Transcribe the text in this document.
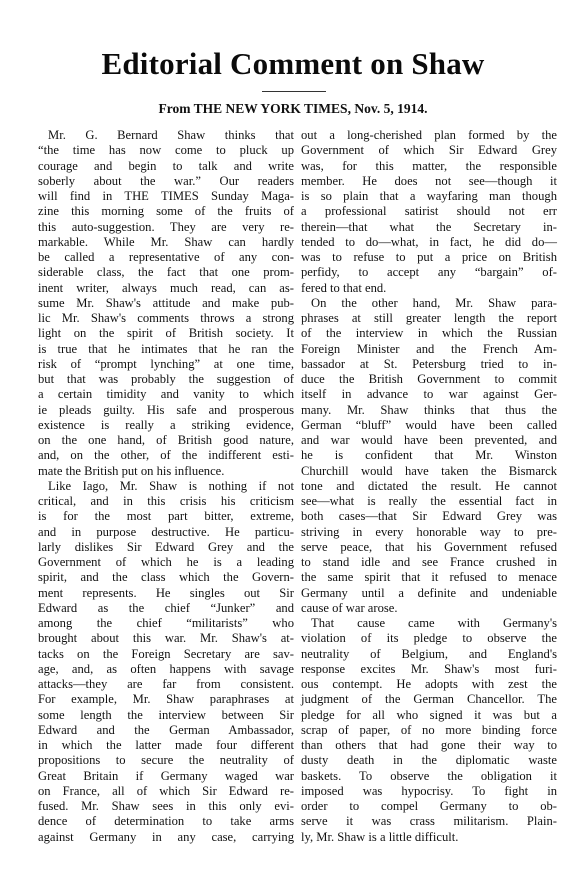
Editorial Comment on Shaw
From THE NEW YORK TIMES, Nov. 5, 1914.
Mr. G. Bernard Shaw thinks that
“the time has now come to pluck up
courage and begin to talk and write
soberly about the war.” Our readers
will find in THE TIMES Sunday Maga-
zine this morning some of the fruits of
this auto-suggestion. They are very re-
markable. While Mr. Shaw can hardly
be called a representative of any con-
siderable class, the fact that one prom-
inent writer, always much read, can as-
sume Mr. Shaw's attitude and make pub-
lic Mr. Shaw's comments throws a strong
light on the spirit of British society. It
is true that he intimates that he ran the
risk of “prompt lynching” at one time,
but that was probably the suggestion of
a certain timidity and vanity to which
ie pleads guilty. His safe and prosperous
existence is really a striking evidence,
on the one hand, of British good nature,
and, on the other, of the indifferent esti-
mate the British put on his influence.
Like Iago, Mr. Shaw is nothing if not
critical, and in this crisis his criticism
is for the most part bitter, extreme,
and in purpose destructive. He particu-
larly dislikes Sir Edward Grey and the
Government of which he is a leading
spirit, and the class which the Govern-
ment represents. He singles out Sir
Edward as the chief “Junker” and
among the chief “militarists” who
brought about this war. Mr. Shaw's at-
tacks on the Foreign Secretary are sav-
age, and, as often happens with savage
attacks—they are far from consistent.
For example, Mr. Shaw paraphrases at
some length the interview between Sir
Edward and the German Ambassador,
in which the latter made four different
propositions to secure the neutrality of
Great Britain if Germany waged war
on France, all of which Sir Edward re-
fused. Mr. Shaw sees in this only evi-
dence of determination to take arms
against Germany in any case, carrying
out a long-cherished plan formed by the
Government of which Sir Edward Grey
was, for this matter, the responsible
member. He does not see—though it
is so plain that a wayfaring man though
a professional satirist should not err
therein—that what the Secretary in-
tended to do—what, in fact, he did do—
was to refuse to put a price on British
perfidy, to accept any “bargain” of-
fered to that end.
On the other hand, Mr. Shaw para-
phrases at still greater length the report
of the interview in which the Russian
Foreign Minister and the French Am-
bassador at St. Petersburg tried to in-
duce the British Government to commit
itself in advance to war against Ger-
many. Mr. Shaw thinks that thus the
German “bluff” would have been called
and war would have been prevented, and
he is confident that Mr. Winston
Churchill would have taken the Bismarck
tone and dictated the result. He cannot
see—what is really the essential fact in
both cases—that Sir Edward Grey was
striving in every honorable way to pre-
serve peace, that his Government refused
to stand idle and see France crushed in
the same spirit that it refused to menace
Germany until a definite and undeniable
cause of war arose.
That cause came with Germany's
violation of its pledge to observe the
neutrality of Belgium, and England's
response excites Mr. Shaw's most furi-
ous contempt. He adopts with zest the
judgment of the German Chancellor. The
pledge for all who signed it was but a
scrap of paper, of no more binding force
than others that had gone their way to
dusty death in the diplomatic waste
baskets. To observe the obligation it
imposed was hypocrisy. To fight in
order to compel Germany to ob-
serve it was crass militarism. Plain-
ly, Mr. Shaw is a little difficult.
